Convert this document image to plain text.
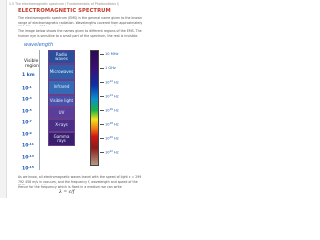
1.5 The electromagnetic spectrum / Fundamentals of Photovoltaics §
ELECTROMAGNETIC SPECTRUM
The electromagnetic spectrum (EMS) is the general name given to the known range of electromagnetic radiation. Wavelengths covered from approximately
The image below shows the names given to different regions of the EMS. The human eye is sensitive to a small part of the spectrum, the rest is invisible.
wavelength
Visible
region
1 km
$10^{-1}$
$10^{-3}$
$10^{-5}$
$10^{-7}$
$10^{-9}$
$10^{-11}$
$10^{-13}$
$10^{-15}$
Radio waves
Microwaves
Infrared
Visible light
UV
X-rays
Gamma rays
10 MHz
1 GHz
$10^{12}$ Hz
$10^{14}$ Hz
$10^{16}$ Hz
$10^{18}$ Hz
$10^{20}$ Hz
$10^{22}$ Hz
As we know, all electromagnetic waves travel with the speed of light c = 299 792 458 m/s in vacuum, and the frequency f, wavelength and speed of the
Hence for the frequency which is fixed in a medium we can write
λ = c/f
